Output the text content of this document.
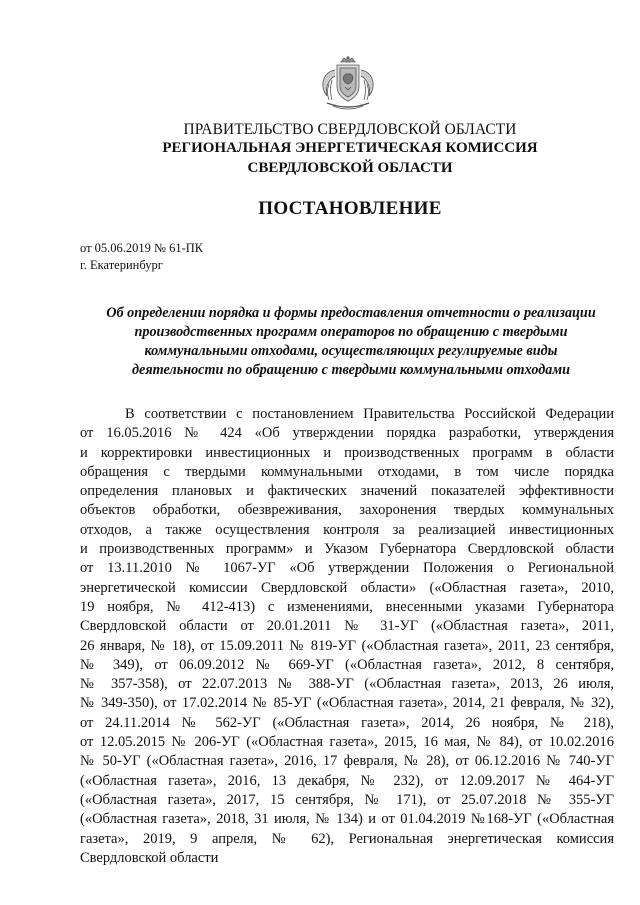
ПРАВИТЕЛЬСТВО СВЕРДЛОВСКОЙ ОБЛАСТИ
РЕГИОНАЛЬНАЯ ЭНЕРГЕТИЧЕСКАЯ КОМИССИЯ
СВЕРДЛОВСКОЙ ОБЛАСТИ
ПОСТАНОВЛЕНИЕ
от 05.06.2019 № 61-ПК
г. Екатеринбург
Об определении порядка и формы предоставления отчетности о реализации
производственных программ операторов по обращению с твердыми
коммунальными отходами, осуществляющих регулируемые виды
деятельности по обращению с твердыми коммунальными отходами
В соответствии с постановлением Правительства Российской Федерации
от 16.05.2016 № 424 «Об утверждении порядка разработки, утверждения
и корректировки инвестиционных и производственных программ в области
обращения с твердыми коммунальными отходами, в том числе порядка
определения плановых и фактических значений показателей эффективности
объектов обработки, обезвреживания, захоронения твердых коммунальных
отходов, а также осуществления контроля за реализацией инвестиционных
и производственных программ» и Указом Губернатора Свердловской области
от 13.11.2010 № 1067-УГ «Об утверждении Положения о Региональной
энергетической комиссии Свердловской области» («Областная газета», 2010,
19 ноября, № 412-413) с изменениями, внесенными указами Губернатора
Свердловской области от 20.01.2011 № 31-УГ («Областная газета», 2011,
26 января, № 18), от 15.09.2011 № 819-УГ («Областная газета», 2011, 23 сентября,
№ 349), от 06.09.2012 № 669-УГ («Областная газета», 2012, 8 сентября,
№ 357-358), от 22.07.2013 № 388-УГ («Областная газета», 2013, 26 июля,
№ 349-350), от 17.02.2014 № 85-УГ («Областная газета», 2014, 21 февраля, № 32),
от 24.11.2014 № 562-УГ («Областная газета», 2014, 26 ноября, № 218),
от 12.05.2015 № 206-УГ («Областная газета», 2015, 16 мая, № 84), от 10.02.2016
№ 50-УГ («Областная газета», 2016, 17 февраля, № 28), от 06.12.2016 № 740-УГ
(«Областная газета», 2016, 13 декабря, № 232), от 12.09.2017 № 464-УГ
(«Областная газета», 2017, 15 сентября, № 171), от 25.07.2018 № 355-УГ
(«Областная газета», 2018, 31 июля, № 134) и от 01.04.2019 №168-УГ («Областная
газета», 2019, 9 апреля, № 62), Региональная энергетическая комиссия
Свердловской области
